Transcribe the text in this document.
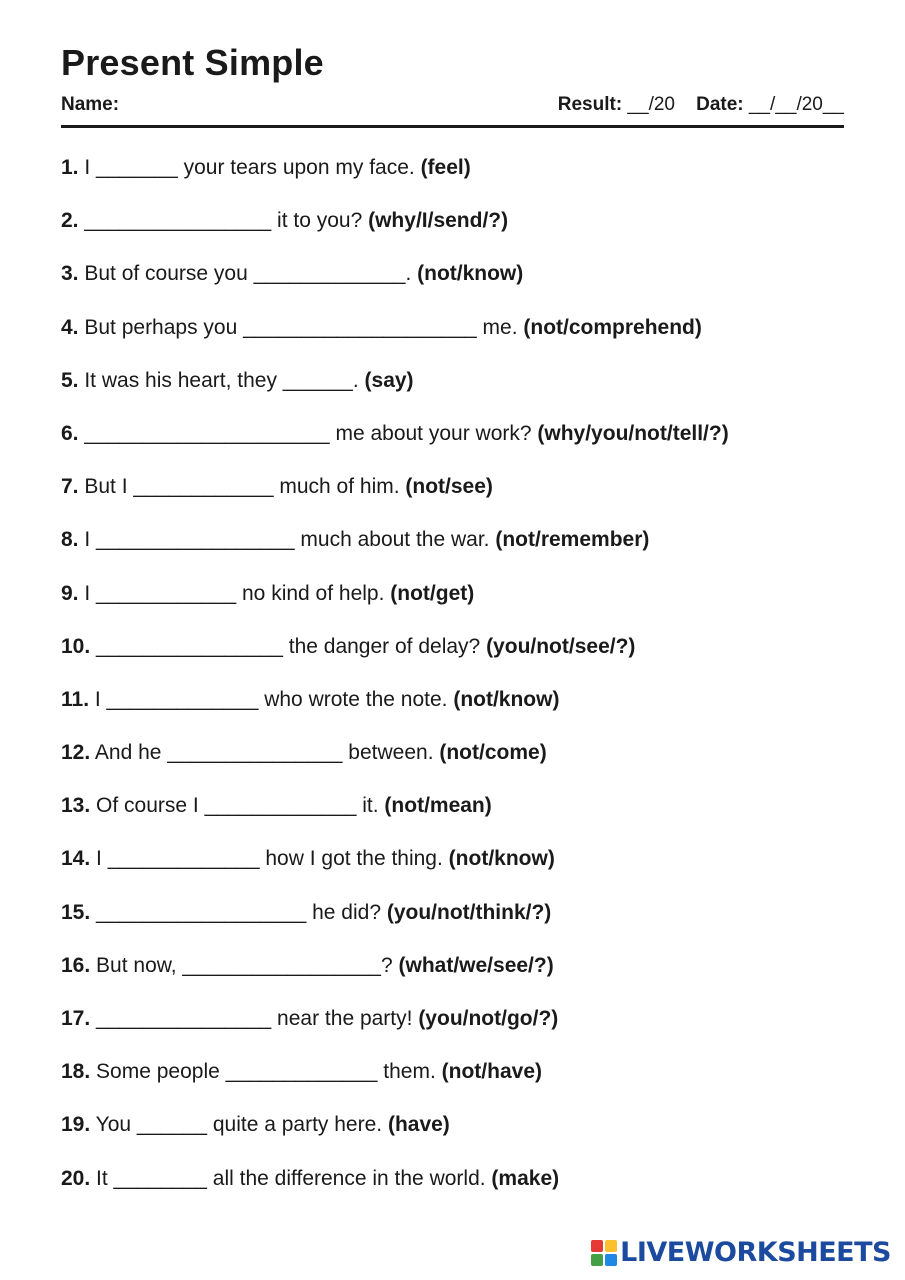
Present Simple
Name:	Result: __/20 Date: __/__/20__
1. I _______ your tears upon my face. (feel)
2. ________________ it to you? (why/I/send/?)
3. But of course you _____________. (not/know)
4. But perhaps you ____________________ me. (not/comprehend)
5. It was his heart, they ______. (say)
6. _____________________ me about your work? (why/you/not/tell/?)
7. But I ____________ much of him. (not/see)
8. I _________________ much about the war. (not/remember)
9. I ____________ no kind of help. (not/get)
10. ________________ the danger of delay? (you/not/see/?)
11. I _____________ who wrote the note. (not/know)
12. And he _______________ between. (not/come)
13. Of course I _____________ it. (not/mean)
14. I _____________ how I got the thing. (not/know)
15. __________________ he did? (you/not/think/?)
16. But now, _________________? (what/we/see/?)
17. _______________ near the party! (you/not/go/?)
18. Some people _____________ them. (not/have)
19. You ______ quite a party here. (have)
20. It ________ all the difference in the world. (make)
LIVEWORKSHEETS
